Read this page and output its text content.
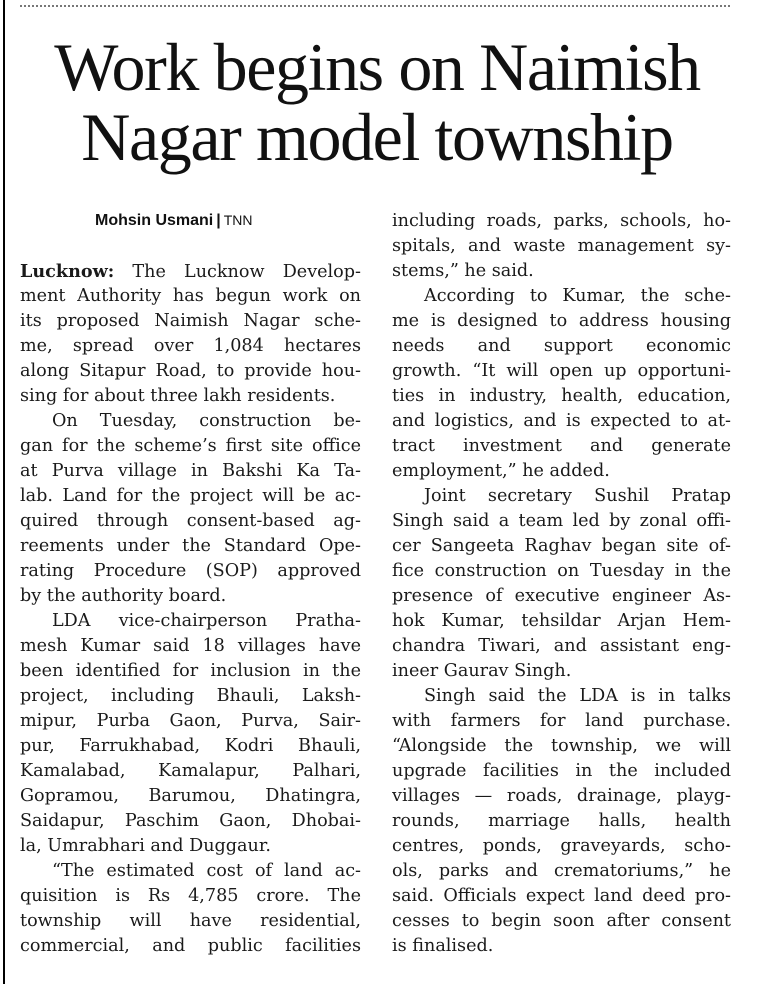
Work begins on Naimish
Nagar model township
Mohsin Usmani | TNN
Lucknow: The Lucknow Develop-
ment Authority has begun work on
its proposed Naimish Nagar sche-
me, spread over 1,084 hectares
along Sitapur Road, to provide hou-
sing for about three lakh residents.
On Tuesday, construction be-
gan for the scheme’s first site office
at Purva village in Bakshi Ka Ta-
lab. Land for the project will be ac-
quired through consent-based ag-
reements under the Standard Ope-
rating Procedure (SOP) approved
by the authority board.
LDA vice-chairperson Pratha-
mesh Kumar said 18 villages have
been identified for inclusion in the
project, including Bhauli, Laksh-
mipur, Purba Gaon, Purva, Sair-
pur, Farrukhabad, Kodri Bhauli,
Kamalabad, Kamalapur, Palhari,
Gopramou, Barumou, Dhatingra,
Saidapur, Paschim Gaon, Dhobai-
la, Umrabhari and Duggaur.
“The estimated cost of land ac-
quisition is Rs 4,785 crore. The
township will have residential,
commercial, and public facilities
including roads, parks, schools, ho-
spitals, and waste management sy-
stems,” he said.
According to Kumar, the sche-
me is designed to address housing
needs and support economic
growth. “It will open up opportuni-
ties in industry, health, education,
and logistics, and is expected to at-
tract investment and generate
employment,” he added.
Joint secretary Sushil Pratap
Singh said a team led by zonal offi-
cer Sangeeta Raghav began site of-
fice construction on Tuesday in the
presence of executive engineer As-
hok Kumar, tehsildar Arjan Hem-
chandra Tiwari, and assistant eng-
ineer Gaurav Singh.
Singh said the LDA is in talks
with farmers for land purchase.
“Alongside the township, we will
upgrade facilities in the included
villages — roads, drainage, playg-
rounds, marriage halls, health
centres, ponds, graveyards, scho-
ols, parks and crematoriums,” he
said. Officials expect land deed pro-
cesses to begin soon after consent
is finalised.
